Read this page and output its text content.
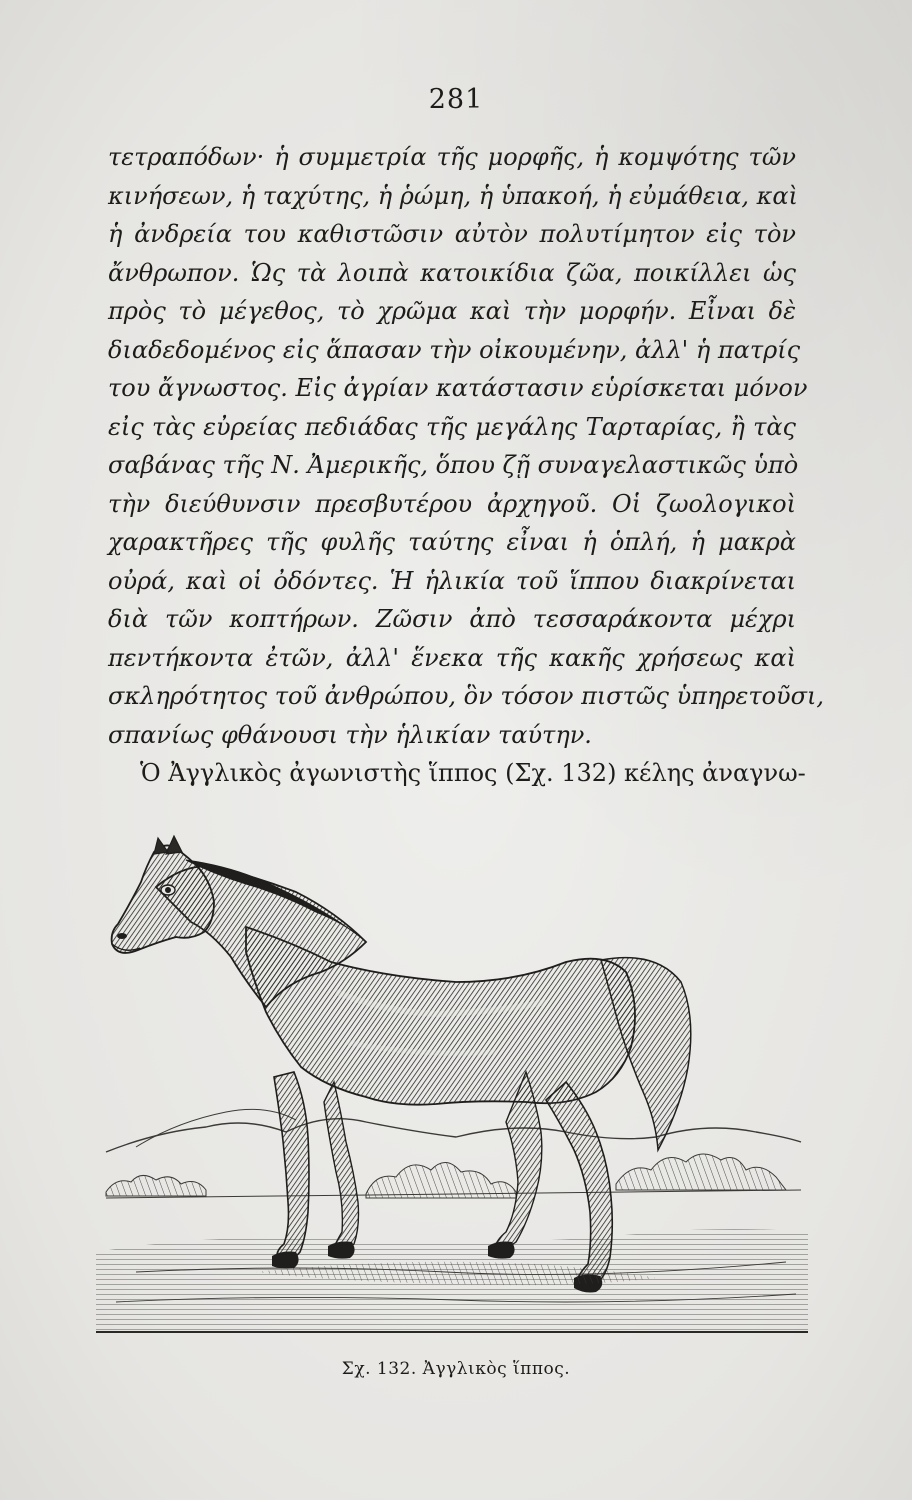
281
τετραπόδων· ἡ συμμετρία τῆς μορφῆς, ἡ κομψότης τῶν
κινήσεων, ἡ ταχύτης, ἡ ῥώμη, ἡ ὑπακοή, ἡ εὐμάθεια, καὶ
ἡ ἀνδρεία του καθιστῶσιν αὐτὸν πολυτίμητον εἰς τὸν
ἄνθρωπον. Ὡς τὰ λοιπὰ κατοικίδια ζῶα, ποικίλλει ὡς
πρὸς τὸ μέγεθος, τὸ χρῶμα καὶ τὴν μορφήν. Εἶναι δὲ
διαδεδομένος εἰς ἅπασαν τὴν οἰκουμένην, ἀλλ' ἡ πατρίς
του ἄγνωστος. Εἰς ἀγρίαν κατάστασιν εὑρίσκεται μόνον
εἰς τὰς εὐρείας πεδιάδας τῆς μεγάλης Ταρταρίας, ἢ τὰς
σαβάνας τῆς Ν. Ἀμερικῆς, ὅπου ζῇ συναγελαστικῶς ὑπὸ
τὴν διεύθυνσιν πρεσβυτέρου ἀρχηγοῦ. Οἱ ζωολογικοὶ
χαρακτῆρες τῆς φυλῆς ταύτης εἶναι ἡ ὁπλή, ἡ μακρὰ
οὐρά, καὶ οἱ ὀδόντες. Ἡ ἡλικία τοῦ ἵππου διακρίνεται
διὰ τῶν κοπτήρων. Ζῶσιν ἀπὸ τεσσαράκοντα μέχρι
πεντήκοντα ἐτῶν, ἀλλ' ἕνεκα τῆς κακῆς χρήσεως καὶ
σκληρότητος τοῦ ἀνθρώπου, ὃν τόσον πιστῶς ὑπηρετοῦσι,
σπανίως φθάνουσι τὴν ἡλικίαν ταύτην.
Ὁ Ἀγγλικὸς ἀγωνιστὴς ἵππος (Σχ. 132) κέλης ἀναγνω-
Σχ. 132. Ἀγγλικὸς ἵππος.
